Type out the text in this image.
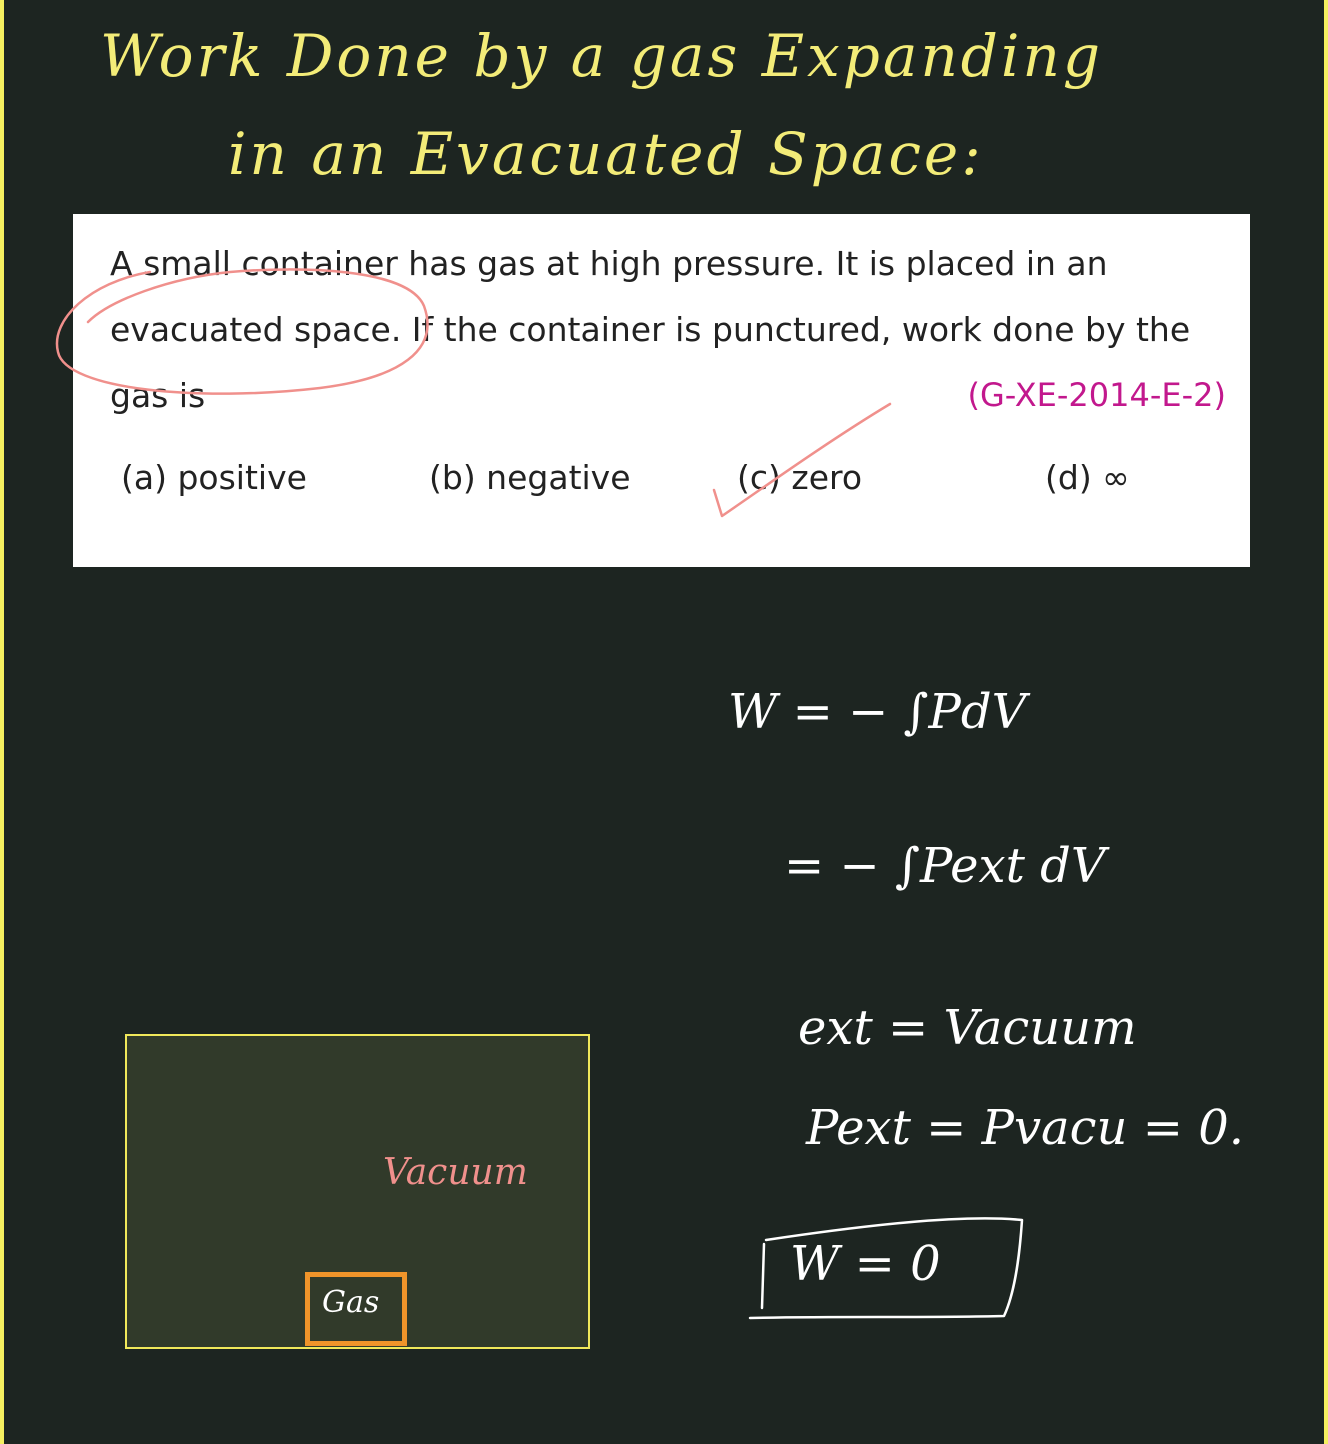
Work Done by a gas Expanding
in an Evacuated Space:
A small container has gas at high pressure. It is placed in an
evacuated space. If the container is punctured, work done by the
gas is	(G-XE-2014-E-2)
(a) positive	(b) negative	(c) zero	(d) ∞
W = − ∫PdV
= − ∫Pext dV
ext = Vacuum
Pext = Pvacu = 0.
W = 0
Vacuum
Gas
